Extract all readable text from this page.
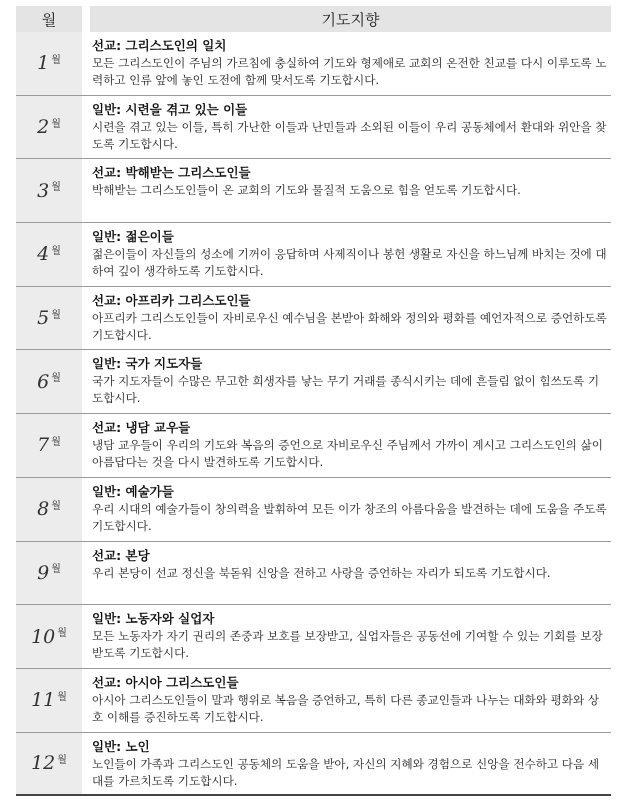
월	기도지향
1 월
선교: 그리스도인의 일치
모든 그리스도인이 주님의 가르침에 충실하여 기도와 형제애로 교회의 온전한 친교를 다시 이루도록 노력하고 인류 앞에 놓인 도전에 함께 맞서도록 기도합시다.
2 월
일반: 시련을 겪고 있는 이들
시련을 겪고 있는 이들, 특히 가난한 이들과 난민들과 소외된 이들이 우리 공동체에서 환대와 위안을 찾도록 기도합시다.
3 월
선교: 박해받는 그리스도인들
박해받는 그리스도인들이 온 교회의 기도와 물질적 도움으로 힘을 얻도록 기도합시다.
4 월
일반: 젊은이들
젊은이들이 자신들의 성소에 기꺼이 응답하며 사제직이나 봉헌 생활로 자신을 하느님께 바치는 것에 대하여 깊이 생각하도록 기도합시다.
5 월
선교: 아프리카 그리스도인들
아프리카 그리스도인들이 자비로우신 예수님을 본받아 화해와 정의와 평화를 예언자적으로 증언하도록 기도합시다.
6 월
일반: 국가 지도자들
국가 지도자들이 수많은 무고한 희생자를 낳는 무기 거래를 종식시키는 데에 흔들림 없이 힘쓰도록 기도합시다.
7 월
선교: 냉담 교우들
냉담 교우들이 우리의 기도와 복음의 증언으로 자비로우신 주님께서 가까이 계시고 그리스도인의 삶이 아름답다는 것을 다시 발견하도록 기도합시다.
8 월
일반: 예술가들
우리 시대의 예술가들이 창의력을 발휘하여 모든 이가 창조의 아름다움을 발견하는 데에 도움을 주도록 기도합시다.
9 월
선교: 본당
우리 본당이 선교 정신을 북돋워 신앙을 전하고 사랑을 증언하는 자리가 되도록 기도합시다.
10 월
일반: 노동자와 실업자
모든 노동자가 자기 권리의 존중과 보호를 보장받고, 실업자들은 공동선에 기여할 수 있는 기회를 보장받도록 기도합시다.
11 월
선교: 아시아 그리스도인들
아시아 그리스도인들이 말과 행위로 복음을 증언하고, 특히 다른 종교인들과 나누는 대화와 평화와 상호 이해를 증진하도록 기도합시다.
12 월
일반: 노인
노인들이 가족과 그리스도인 공동체의 도움을 받아, 자신의 지혜와 경험으로 신앙을 전수하고 다음 세대를 가르치도록 기도합시다.
